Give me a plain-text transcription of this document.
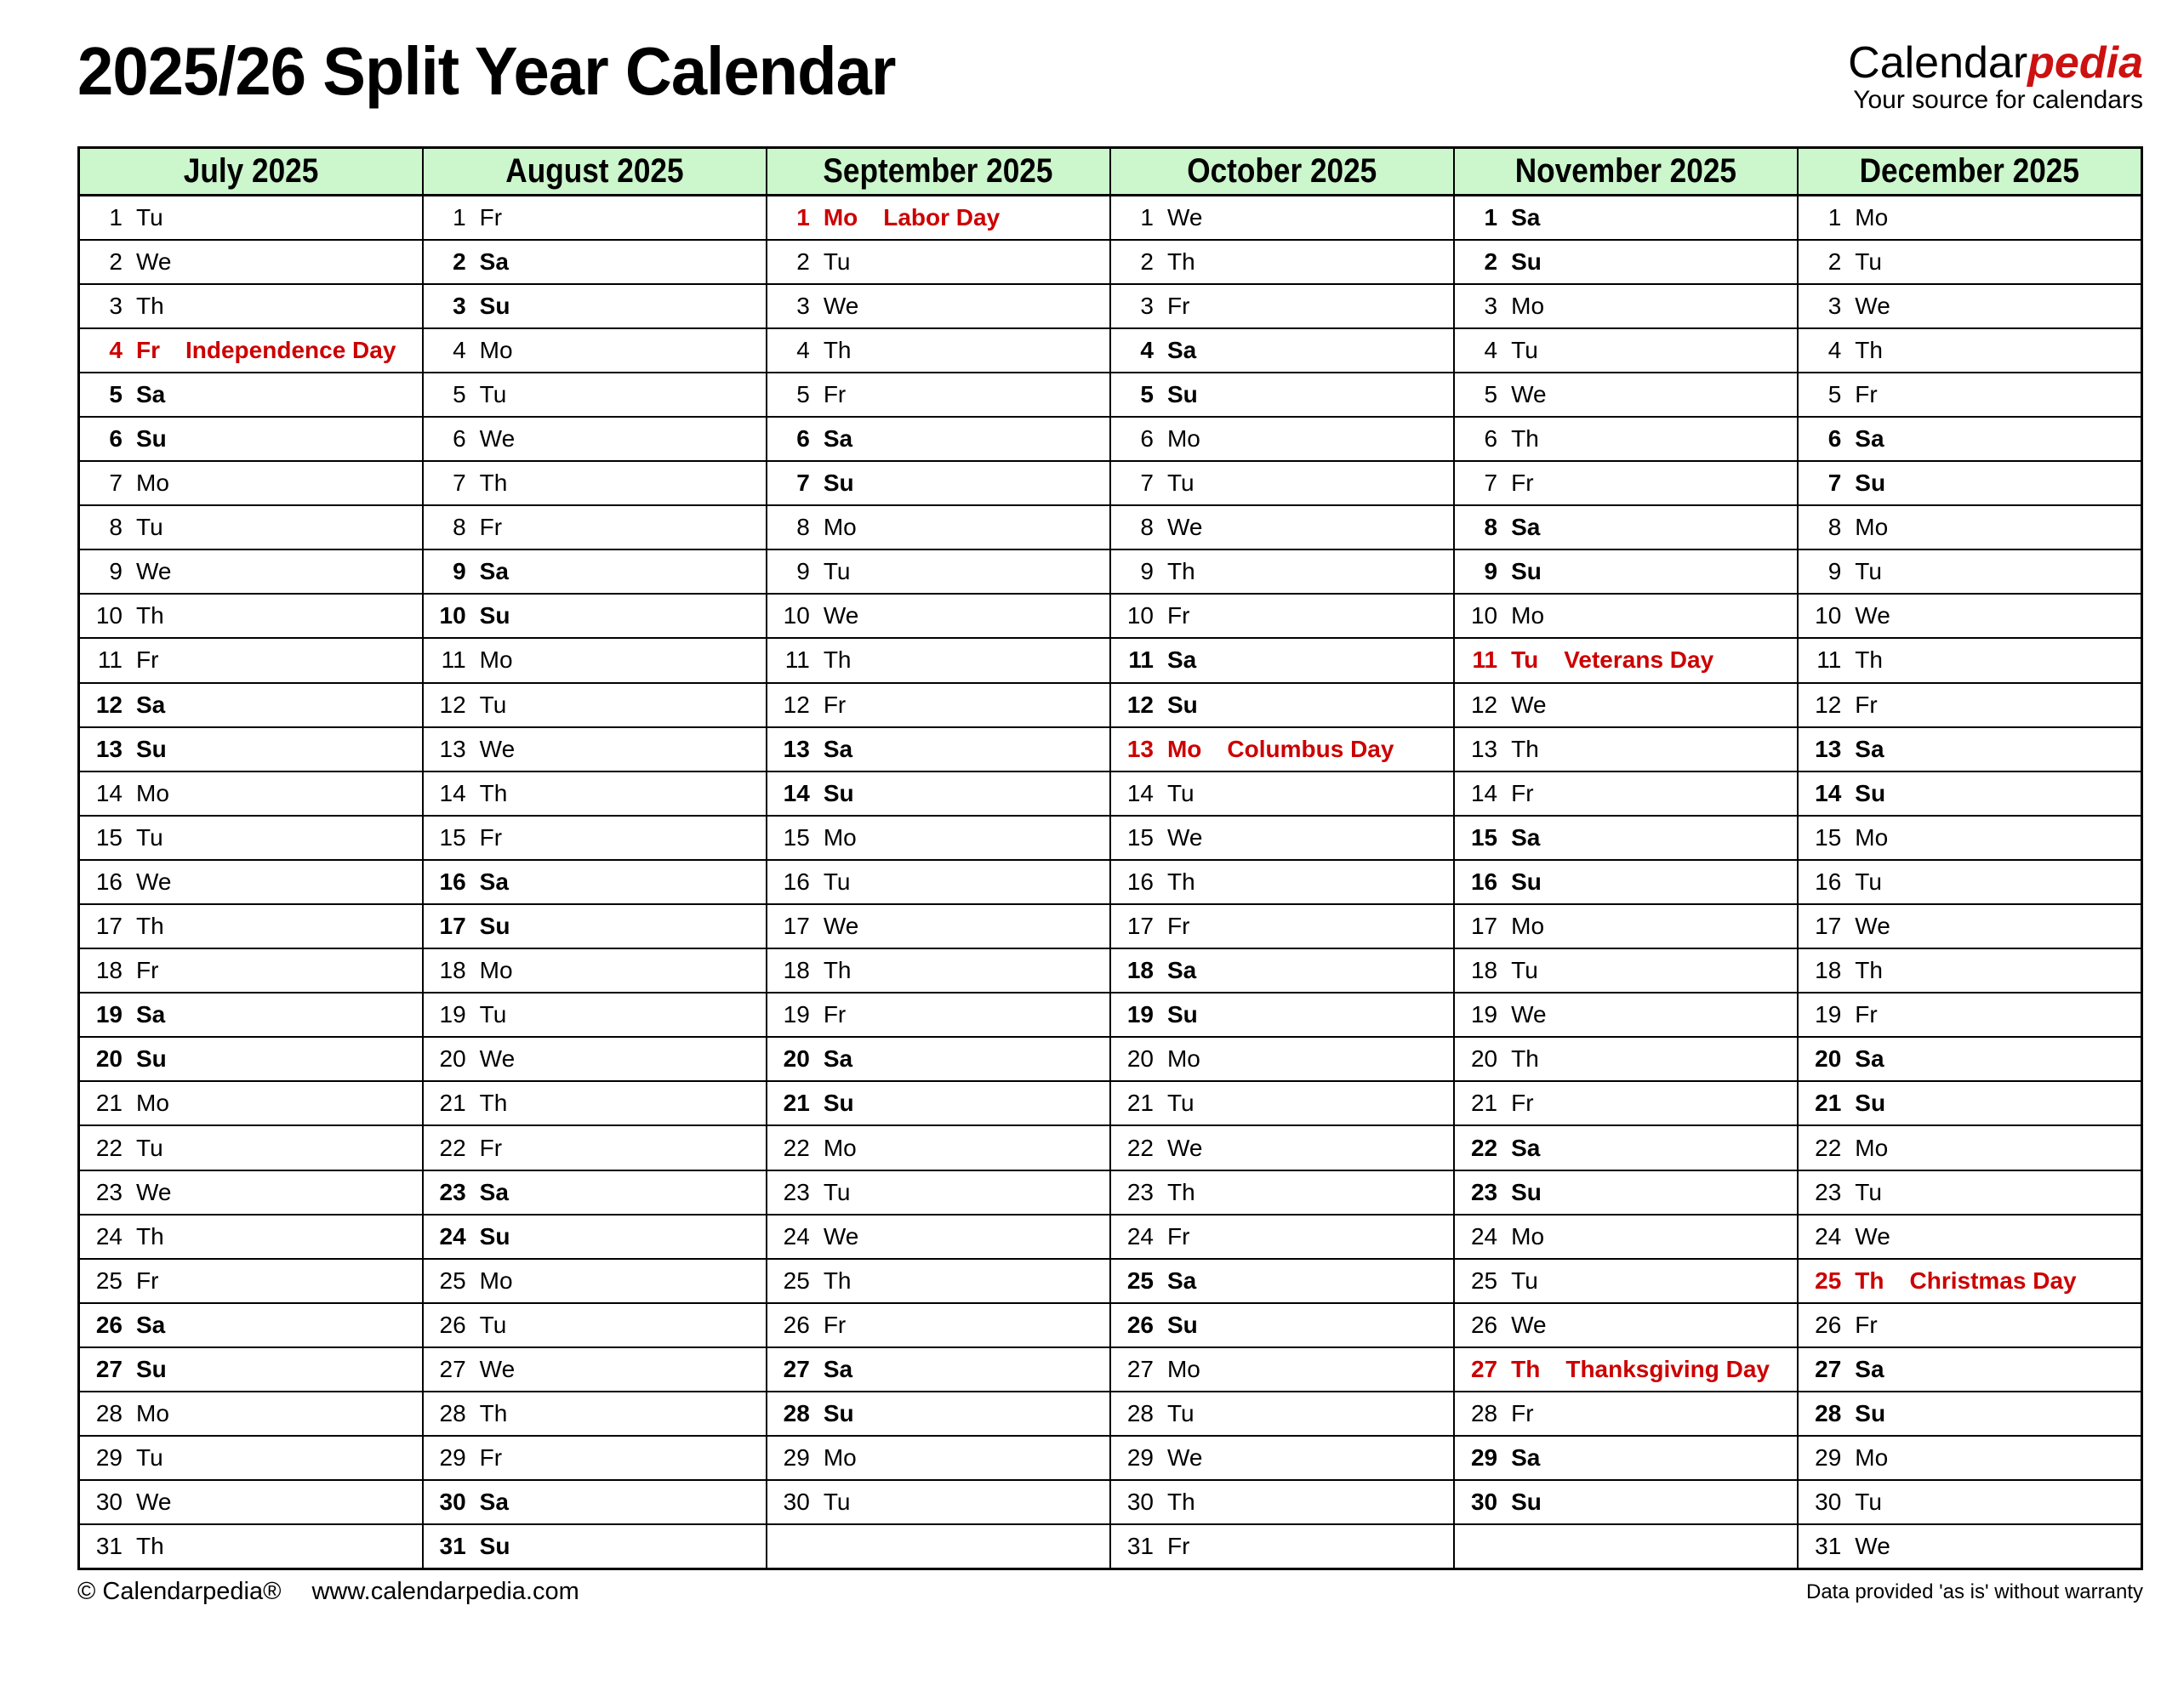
2025/26 Split Year Calendar	Calendarpedia
Your source for calendars
July 2025	August 2025	September 2025	October 2025	November 2025	December 2025
1 Tu	1 Fr	1 Mo Labor Day	1 We	1 Sa	1 Mo
2 We	2 Sa	2 Tu	2 Th	2 Su	2 Tu
3 Th	3 Su	3 We	3 Fr	3 Mo	3 We
4 Fr Independence Day	4 Mo	4 Th	4 Sa	4 Tu	4 Th
5 Sa	5 Tu	5 Fr	5 Su	5 We	5 Fr
6 Su	6 We	6 Sa	6 Mo	6 Th	6 Sa
7 Mo	7 Th	7 Su	7 Tu	7 Fr	7 Su
8 Tu	8 Fr	8 Mo	8 We	8 Sa	8 Mo
9 We	9 Sa	9 Tu	9 Th	9 Su	9 Tu
10 Th	10 Su	10 We	10 Fr	10 Mo	10 We
11 Fr	11 Mo	11 Th	11 Sa	11 Tu Veterans Day	11 Th
12 Sa	12 Tu	12 Fr	12 Su	12 We	12 Fr
13 Su	13 We	13 Sa	13 Mo Columbus Day	13 Th	13 Sa
14 Mo	14 Th	14 Su	14 Tu	14 Fr	14 Su
15 Tu	15 Fr	15 Mo	15 We	15 Sa	15 Mo
16 We	16 Sa	16 Tu	16 Th	16 Su	16 Tu
17 Th	17 Su	17 We	17 Fr	17 Mo	17 We
18 Fr	18 Mo	18 Th	18 Sa	18 Tu	18 Th
19 Sa	19 Tu	19 Fr	19 Su	19 We	19 Fr
20 Su	20 We	20 Sa	20 Mo	20 Th	20 Sa
21 Mo	21 Th	21 Su	21 Tu	21 Fr	21 Su
22 Tu	22 Fr	22 Mo	22 We	22 Sa	22 Mo
23 We	23 Sa	23 Tu	23 Th	23 Su	23 Tu
24 Th	24 Su	24 We	24 Fr	24 Mo	24 We
25 Fr	25 Mo	25 Th	25 Sa	25 Tu	25 Th Christmas Day
26 Sa	26 Tu	26 Fr	26 Su	26 We	26 Fr
27 Su	27 We	27 Sa	27 Mo	27 Th Thanksgiving Day	27 Sa
28 Mo	28 Th	28 Su	28 Tu	28 Fr	28 Su
29 Tu	29 Fr	29 Mo	29 We	29 Sa	29 Mo
30 We	30 Sa	30 Tu	30 Th	30 Su	30 Tu
31 Th	31 Su		31 Fr		31 We
© Calendarpedia® www.calendarpedia.com	Data provided 'as is' without warranty
